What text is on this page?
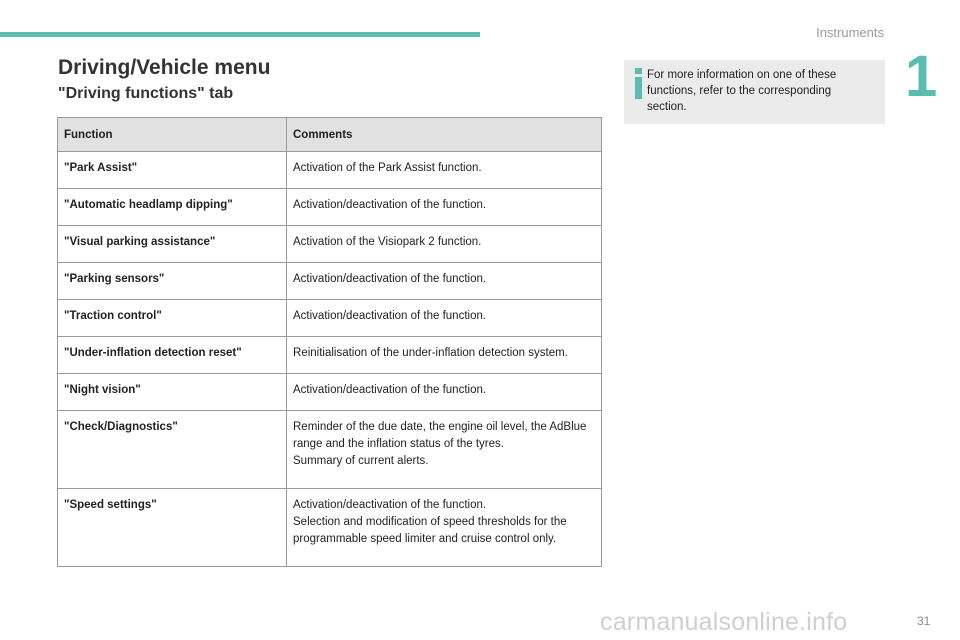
Instruments
1
Driving/Vehicle menu
"Driving functions" tab
Function	Comments
"Park Assist"	Activation of the Park Assist function.

"Automatic headlamp dipping"	Activation/deactivation of the function.

"Visual parking assistance"	Activation of the Visiopark 2 function.

"Parking sensors"	Activation/deactivation of the function.

"Traction control"	Activation/deactivation of the function.

"Under-inflation detection reset"	Reinitialisation of the under-inflation detection system.

"Night vision"	Activation/deactivation of the function.

"Check/Diagnostics"	Reminder of the due date, the engine oil level, the AdBlue range and the inflation status of the tyres.
Summary of current alerts.

"Speed settings"	Activation/deactivation of the function.
Selection and modification of speed thresholds for the programmable speed limiter and cruise control only.
For more information on one of these functions, refer to the corresponding section.
carmanualsonline.info	31
